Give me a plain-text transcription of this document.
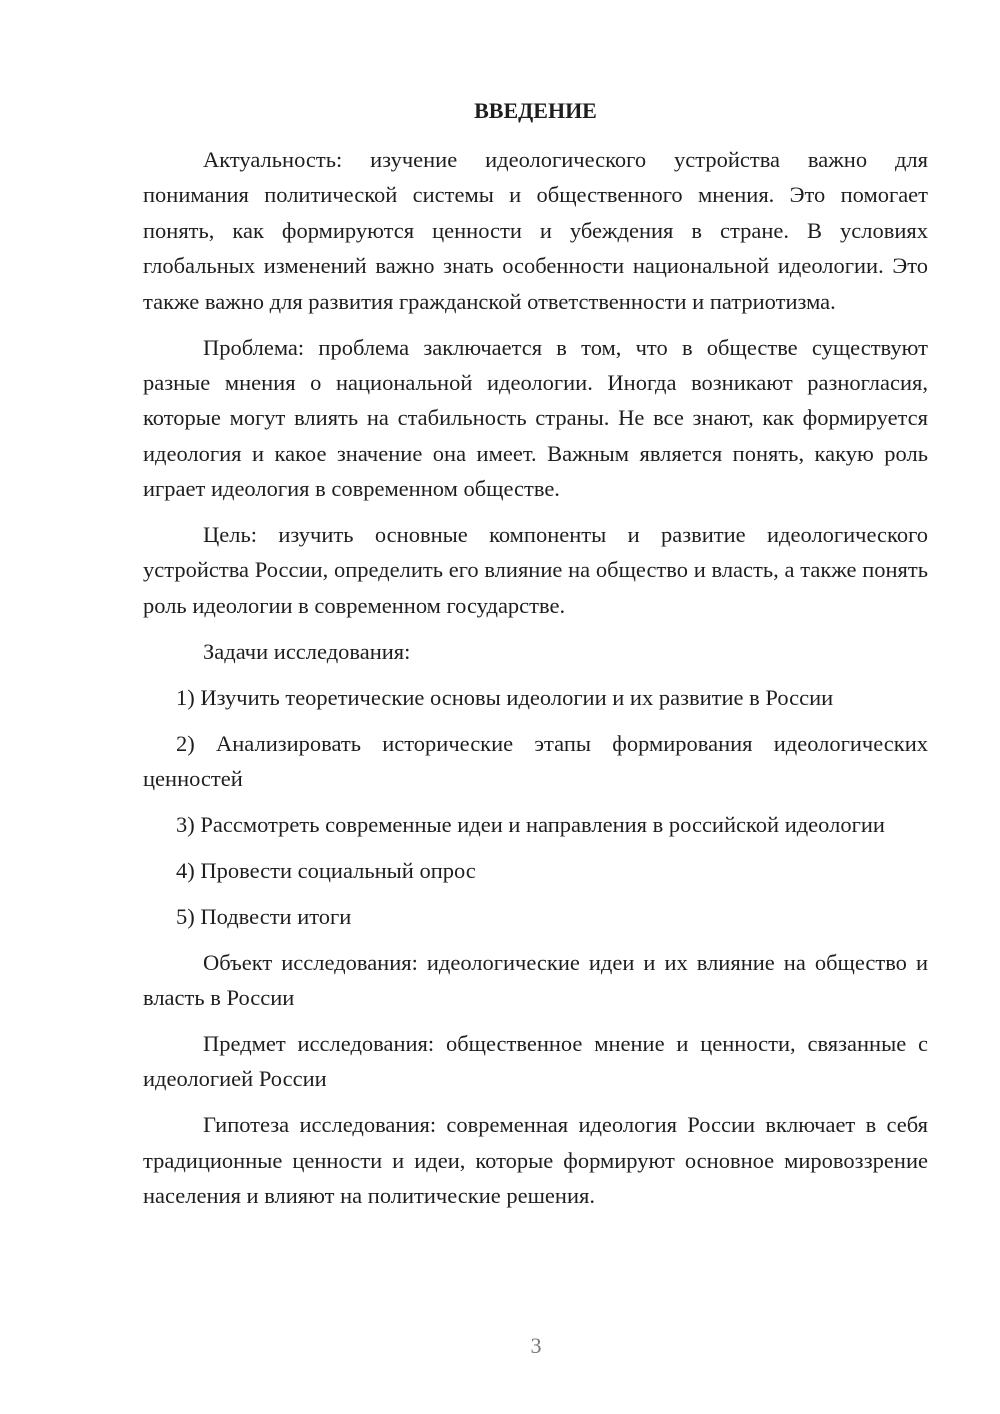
ВВЕДЕНИЕ

Актуальность: изучение идеологического устройства важно для понимания политической системы и общественного мнения. Это помогает понять, как формируются ценности и убеждения в стране. В условиях глобальных изменений важно знать особенности национальной идеологии. Это также важно для развития гражданской ответственности и патриотизма.

Проблема: проблема заключается в том, что в обществе существуют разные мнения о национальной идеологии. Иногда возникают разногласия, которые могут влиять на стабильность страны. Не все знают, как формируется идеология и какое значение она имеет. Важным является понять, какую роль играет идеология в современном обществе.

Цель: изучить основные компоненты и развитие идеологического устройства России, определить его влияние на общество и власть, а также понять роль идеологии в современном государстве.

Задачи исследования:

1) Изучить теоретические основы идеологии и их развитие в России

2) Анализировать исторические этапы формирования идеологических ценностей

3) Рассмотреть современные идеи и направления в российской идеологии

4) Провести социальный опрос

5) Подвести итоги

Объект исследования: идеологические идеи и их влияние на общество и власть в России

Предмет исследования: общественное мнение и ценности, связанные с идеологией России

Гипотеза исследования: современная идеология России включает в себя традиционные ценности и идеи, которые формируют основное мировоззрение населения и влияют на политические решения.

3
